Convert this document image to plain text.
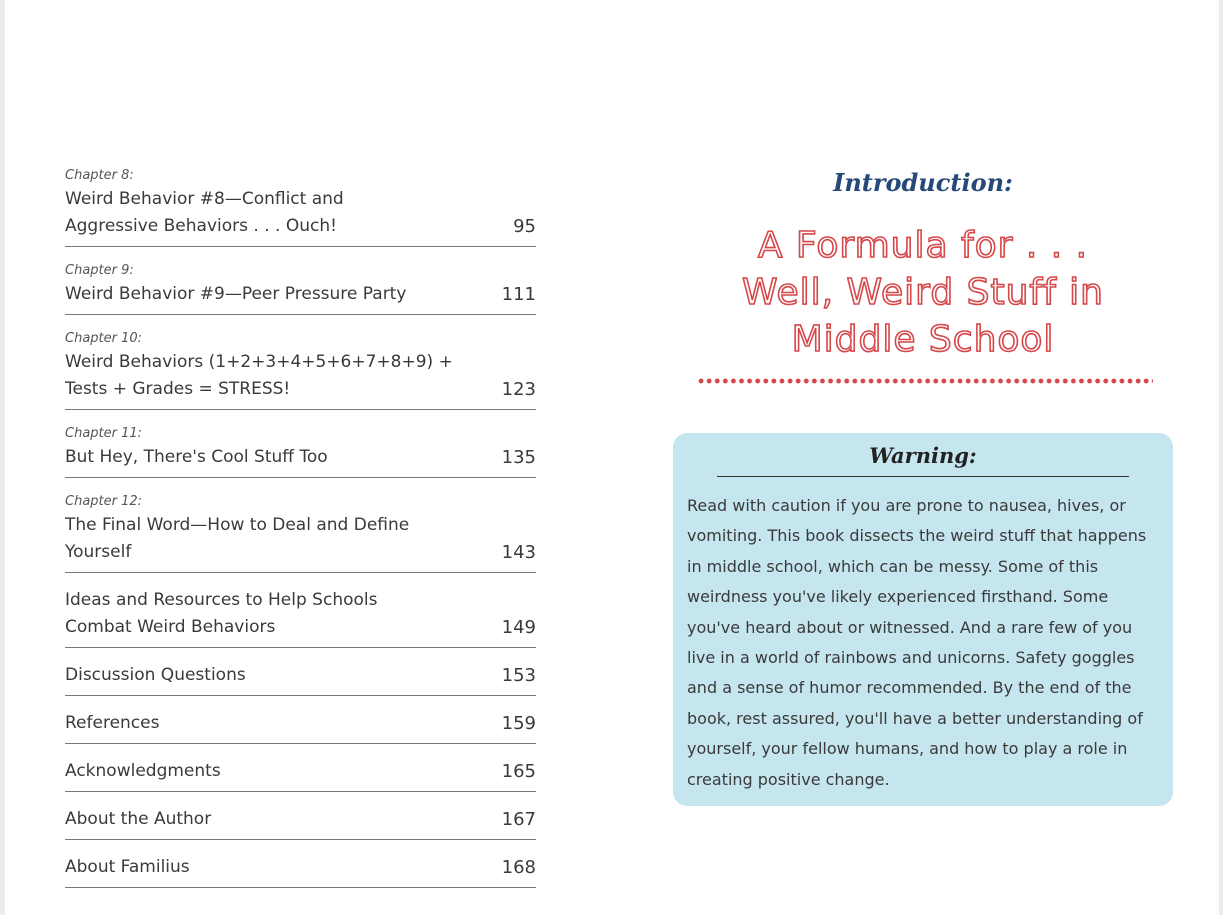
Chapter 8:
Weird Behavior #8—Conflict and
Aggressive Behaviors . . . Ouch!	95
Chapter 9:
Weird Behavior #9—Peer Pressure Party	111
Chapter 10:
Weird Behaviors (1+2+3+4+5+6+7+8+9) +
Tests + Grades = STRESS!	123
Chapter 11:
But Hey, There's Cool Stuff Too	135
Chapter 12:
The Final Word—How to Deal and Define Yourself	143
Ideas and Resources to Help Schools
Combat Weird Behaviors	149
Discussion Questions	153
References	159
Acknowledgments	165
About the Author	167
About Familius	168
Introduction:
A Formula for . . .
Well, Weird Stuff in
Middle School
Warning:
Read with caution if you are prone to nausea, hives, or vomiting. This book dissects the weird stuff that happens in middle school, which can be messy. Some of this weirdness you've likely experienced firsthand. Some you've heard about or witnessed. And a rare few of you live in a world of rainbows and unicorns. Safety goggles and a sense of humor recommended. By the end of the book, rest assured, you'll have a better understanding of yourself, your fellow humans, and how to play a role in creating positive change.
